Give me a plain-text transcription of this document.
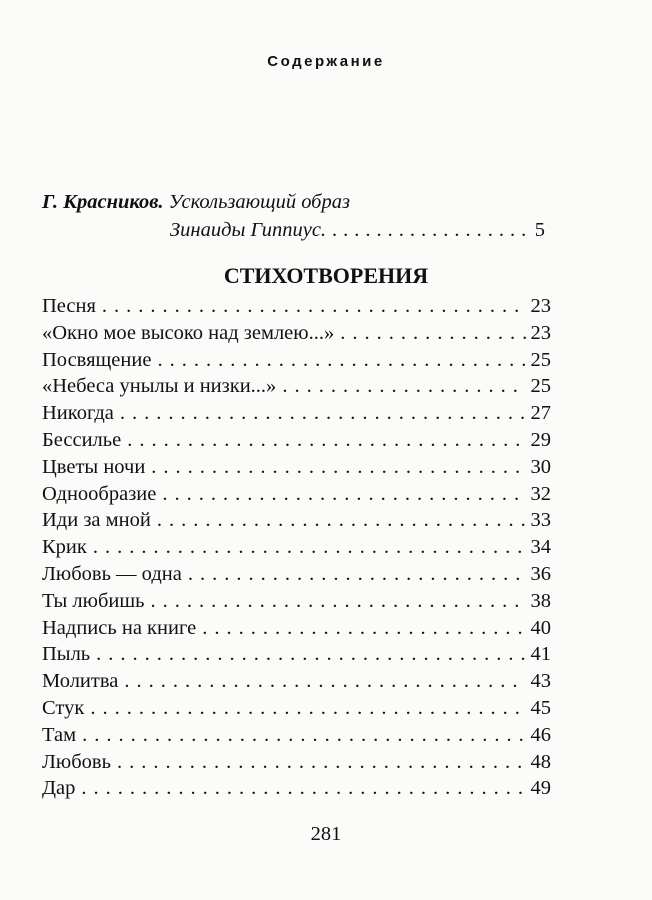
Содержание
Г. Красников. Ускользающий образ
Зинаиды Гиппиус. .....	5
СТИХОТВОРЕНИЯ
Песня .....	23
«Окно мое высоко над землею...» .....	23
Посвящение .....	25
«Небеса унылы и низки...» .....	25
Никогда .....	27
Бессилье .....	29
Цветы ночи .....	30
Однообразие .....	32
Иди за мной .....	33
Крик .....	34
Любовь — одна .....	36
Ты любишь .....	38
Надпись на книге .....	40
Пыль .....	41
Молитва .....	43
Стук .....	45
Там .....	46
Любовь .....	48
Дар .....	49
281
